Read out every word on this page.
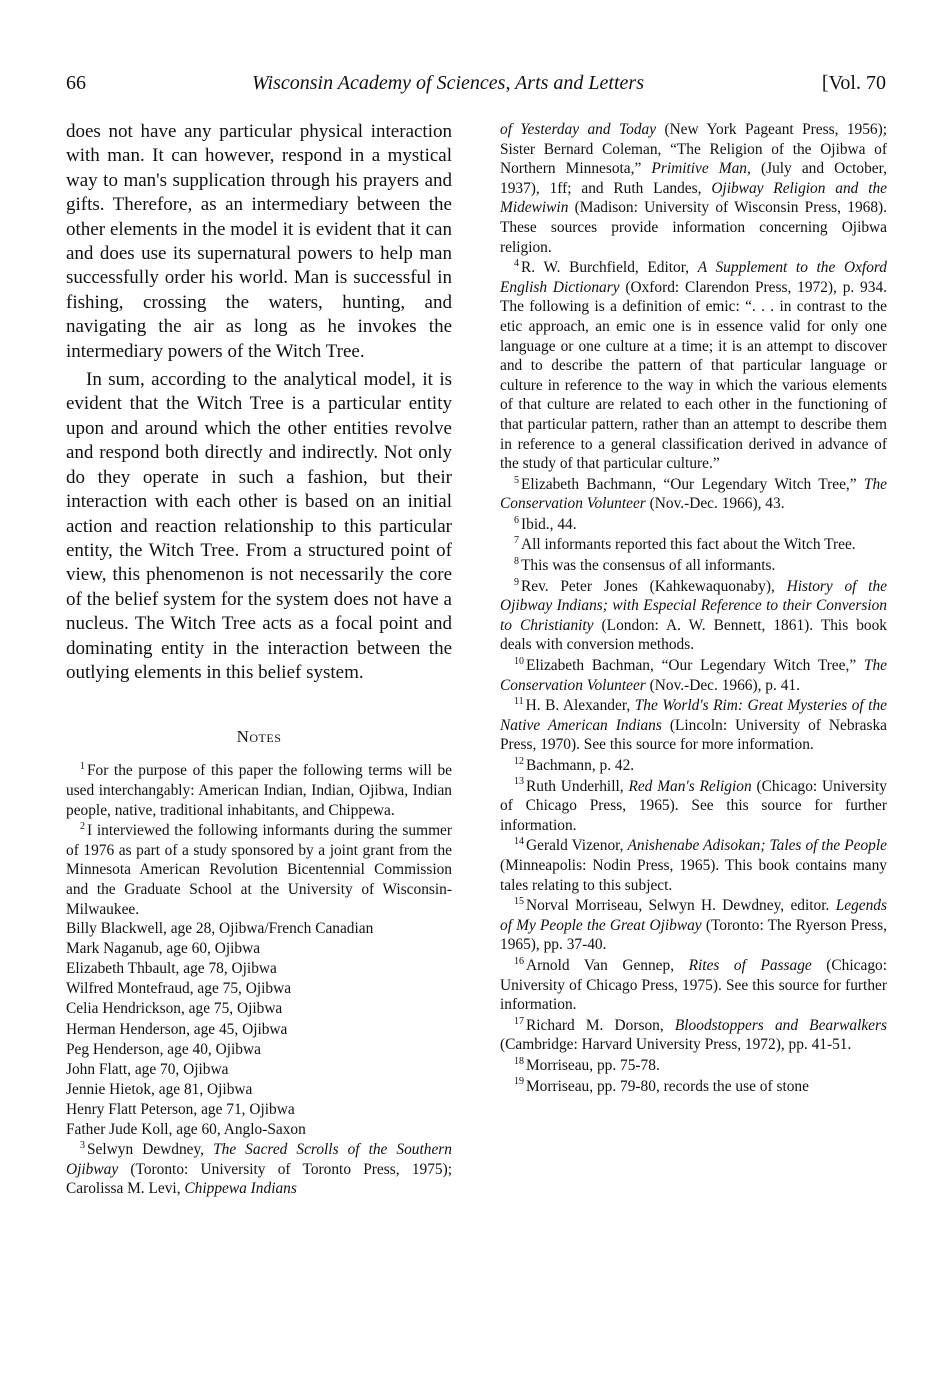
66	Wisconsin Academy of Sciences, Arts and Letters	[Vol. 70

does not have any particular physical interaction with man. It can however, respond in a mystical way to man's supplication through his prayers and gifts. Therefore, as an intermediary between the other elements in the model it is evident that it can and does use its supernatural powers to help man successfully order his world. Man is successful in fishing, crossing the waters, hunting, and navigating the air as long as he invokes the intermediary powers of the Witch Tree.

In sum, according to the analytical model, it is evident that the Witch Tree is a particular entity upon and around which the other entities revolve and respond both directly and indirectly. Not only do they operate in such a fashion, but their interaction with each other is based on an initial action and reaction relationship to this particular entity, the Witch Tree. From a structured point of view, this phenomenon is not necessarily the core of the belief system for the system does not have a nucleus. The Witch Tree acts as a focal point and dominating entity in the interaction between the outlying elements in this belief system.

Notes

$^1$ For the purpose of this paper the following terms will be used interchangably: American Indian, Indian, Ojibwa, Indian people, native, traditional inhabitants, and Chippewa.

$^2$ I interviewed the following informants during the summer of 1976 as part of a study sponsored by a joint grant from the Minnesota American Revolution Bicentennial Commission and the Graduate School at the University of Wisconsin-Milwaukee.

Billy Blackwell, age 28, Ojibwa/French Canadian

Mark Naganub, age 60, Ojibwa

Elizabeth Thbault, age 78, Ojibwa

Wilfred Montefraud, age 75, Ojibwa

Celia Hendrickson, age 75, Ojibwa

Herman Henderson, age 45, Ojibwa

Peg Henderson, age 40, Ojibwa

John Flatt, age 70, Ojibwa

Jennie Hietok, age 81, Ojibwa

Henry Flatt Peterson, age 71, Ojibwa

Father Jude Koll, age 60, Anglo-Saxon

$^3$ Selwyn Dewdney, The Sacred Scrolls of the Southern Ojibway (Toronto: University of Toronto Press, 1975); Carolissa M. Levi, Chippewa Indians

of Yesterday and Today (New York Pageant Press, 1956); Sister Bernard Coleman, “The Religion of the Ojibwa of Northern Minnesota,” Primitive Man, (July and October, 1937), 1ff; and Ruth Landes, Ojibway Religion and the Midewiwin (Madison: University of Wisconsin Press, 1968). These sources provide information concerning Ojibwa religion.

$^4$ R. W. Burchfield, Editor, A Supplement to the Oxford English Dictionary (Oxford: Clarendon Press, 1972), p. 934. The following is a definition of emic: “. . . in contrast to the etic approach, an emic one is in essence valid for only one language or one culture at a time; it is an attempt to discover and to describe the pattern of that particular language or culture in reference to the way in which the various elements of that culture are related to each other in the functioning of that particular pattern, rather than an attempt to describe them in reference to a general classification derived in advance of the study of that particular culture.”

$^5$ Elizabeth Bachmann, “Our Legendary Witch Tree,” The Conservation Volunteer (Nov.-Dec. 1966), 43.

$^6$ Ibid., 44.

$^7$ All informants reported this fact about the Witch Tree.

$^8$ This was the consensus of all informants.

$^9$ Rev. Peter Jones (Kahkewaquonaby), History of the Ojibway Indians; with Especial Reference to their Conversion to Christianity (London: A. W. Bennett, 1861). This book deals with conversion methods.

$^{10}$ Elizabeth Bachman, “Our Legendary Witch Tree,” The Conservation Volunteer (Nov.-Dec. 1966), p. 41.

$^{11}$ H. B. Alexander, The World's Rim: Great Mysteries of the Native American Indians (Lincoln: University of Nebraska Press, 1970). See this source for more information.

$^{12}$ Bachmann, p. 42.

$^{13}$ Ruth Underhill, Red Man's Religion (Chicago: University of Chicago Press, 1965). See this source for further information.

$^{14}$ Gerald Vizenor, Anishenabe Adisokan; Tales of the People (Minneapolis: Nodin Press, 1965). This book contains many tales relating to this subject.

$^{15}$ Norval Morriseau, Selwyn H. Dewdney, editor. Legends of My People the Great Ojibway (Toronto: The Ryerson Press, 1965), pp. 37-40.

$^{16}$ Arnold Van Gennep, Rites of Passage (Chicago: University of Chicago Press, 1975). See this source for further information.

$^{17}$ Richard M. Dorson, Bloodstoppers and Bearwalkers (Cambridge: Harvard University Press, 1972), pp. 41-51.

$^{18}$ Morriseau, pp. 75-78.

$^{19}$ Morriseau, pp. 79-80, records the use of stone
